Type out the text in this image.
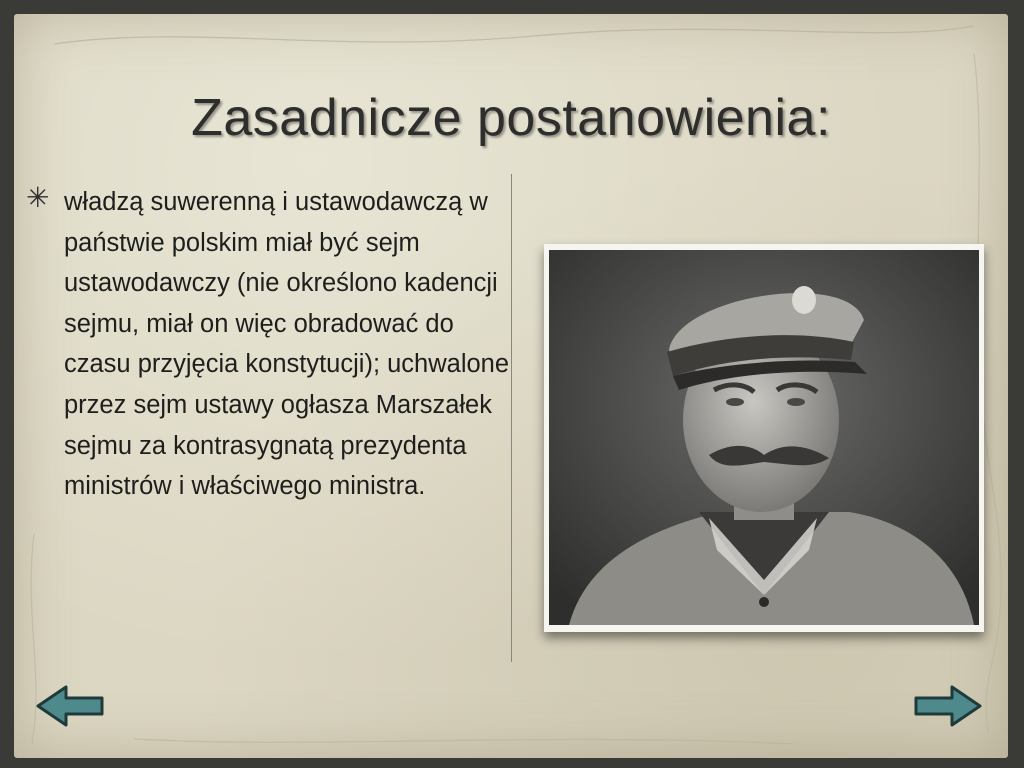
Zasadnicze postanowienia:
✳ władzą suwerenną i ustawodawczą w państwie polskim miał być sejm ustawodawczy (nie określono kadencji sejmu, miał on więc obradować do czasu przyjęcia konstytucji); uchwalone przez sejm ustawy ogłasza Marszałek sejmu za kontrasygnatą prezydenta ministrów i właściwego ministra.
